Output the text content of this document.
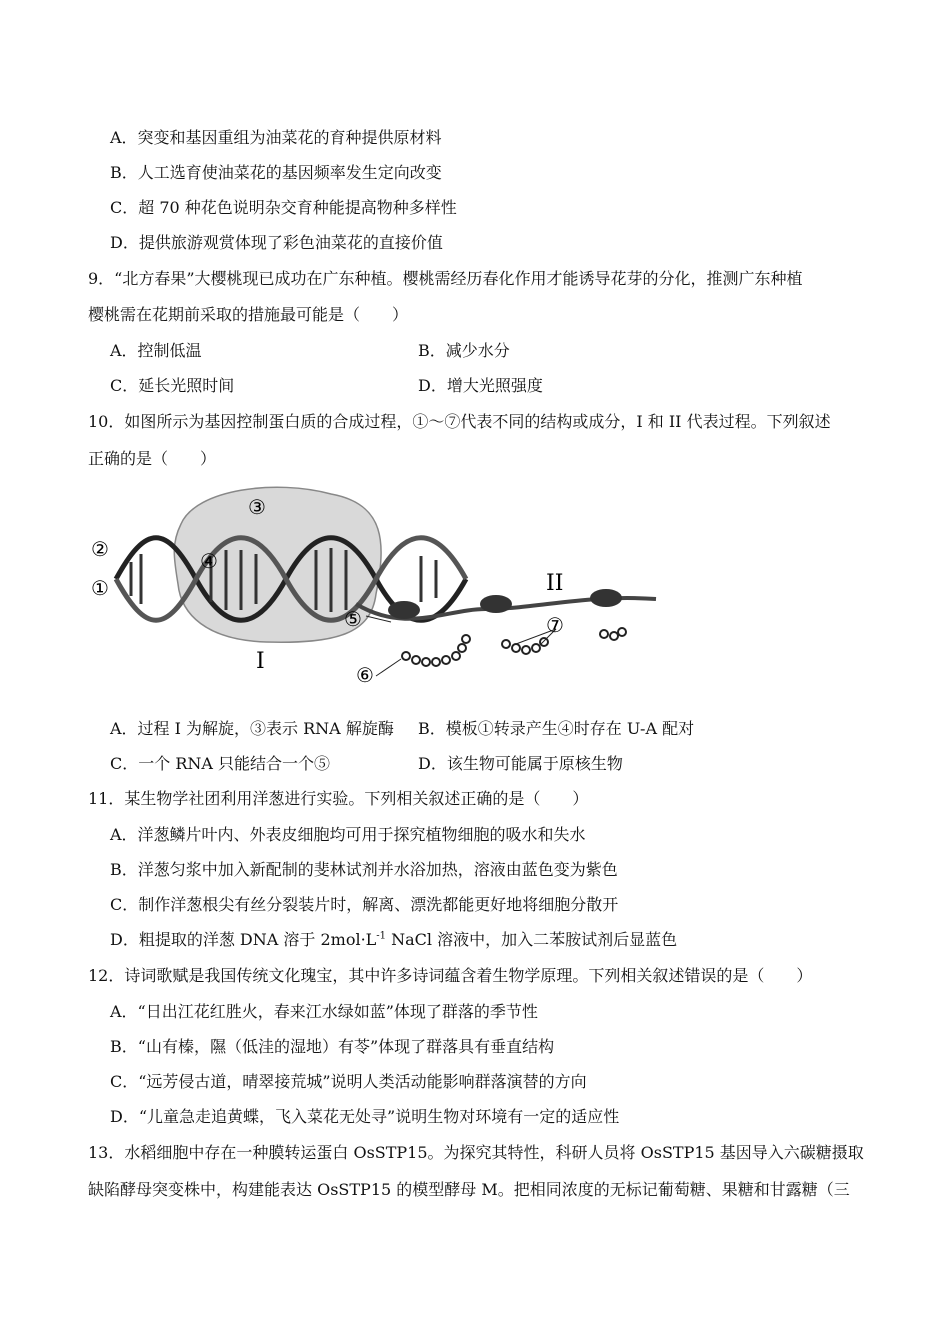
A．突变和基因重组为油菜花的育种提供原材料
B．人工选育使油菜花的基因频率发生定向改变
C．超 70 种花色说明杂交育种能提高物种多样性
D．提供旅游观赏体现了彩色油菜花的直接价值
9．“北方春果”大樱桃现已成功在广东种植。樱桃需经历春化作用才能诱导花芽的分化，推测广东种植
樱桃需在花期前采取的措施最可能是（　　）
A．控制低温	B．减少水分
C．延长光照时间	D．增大光照强度
10．如图所示为基因控制蛋白质的合成过程，①～⑦代表不同的结构或成分，I 和 II 代表过程。下列叙述
正确的是（　　）
①
②
③
④
⑤
⑥
⑦
I
II
A．过程 I 为解旋，③表示 RNA 解旋酶 B．模板①转录产生④时存在 U-A 配对
C．一个 RNA 只能结合一个⑤	D．该生物可能属于原核生物
11．某生物学社团利用洋葱进行实验。下列相关叙述正确的是（　　）
A．洋葱鳞片叶内、外表皮细胞均可用于探究植物细胞的吸水和失水
B．洋葱匀浆中加入新配制的斐林试剂并水浴加热，溶液由蓝色变为紫色
C．制作洋葱根尖有丝分裂装片时，解离、漂洗都能更好地将细胞分散开
D．粗提取的洋葱 DNA 溶于 $2mol\cdot L^{-1}$ NaCl 溶液中，加入二苯胺试剂后显蓝色
12．诗词歌赋是我国传统文化瑰宝，其中许多诗词蕴含着生物学原理。下列相关叙述错误的是（　　）
A．“日出江花红胜火，春来江水绿如蓝”体现了群落的季节性
B．“山有榛，隰（低洼的湿地）有苓”体现了群落具有垂直结构
C．“远芳侵古道，晴翠接荒城”说明人类活动能影响群落演替的方向
D．“儿童急走追黄蝶，飞入菜花无处寻”说明生物对环境有一定的适应性
13．水稻细胞中存在一种膜转运蛋白 OsSTP15。为探究其特性，科研人员将 OsSTP15 基因导入六碳糖摄取
缺陷酵母突变株中，构建能表达 OsSTP15 的模型酵母 M。把相同浓度的无标记葡萄糖、果糖和甘露糖（三
